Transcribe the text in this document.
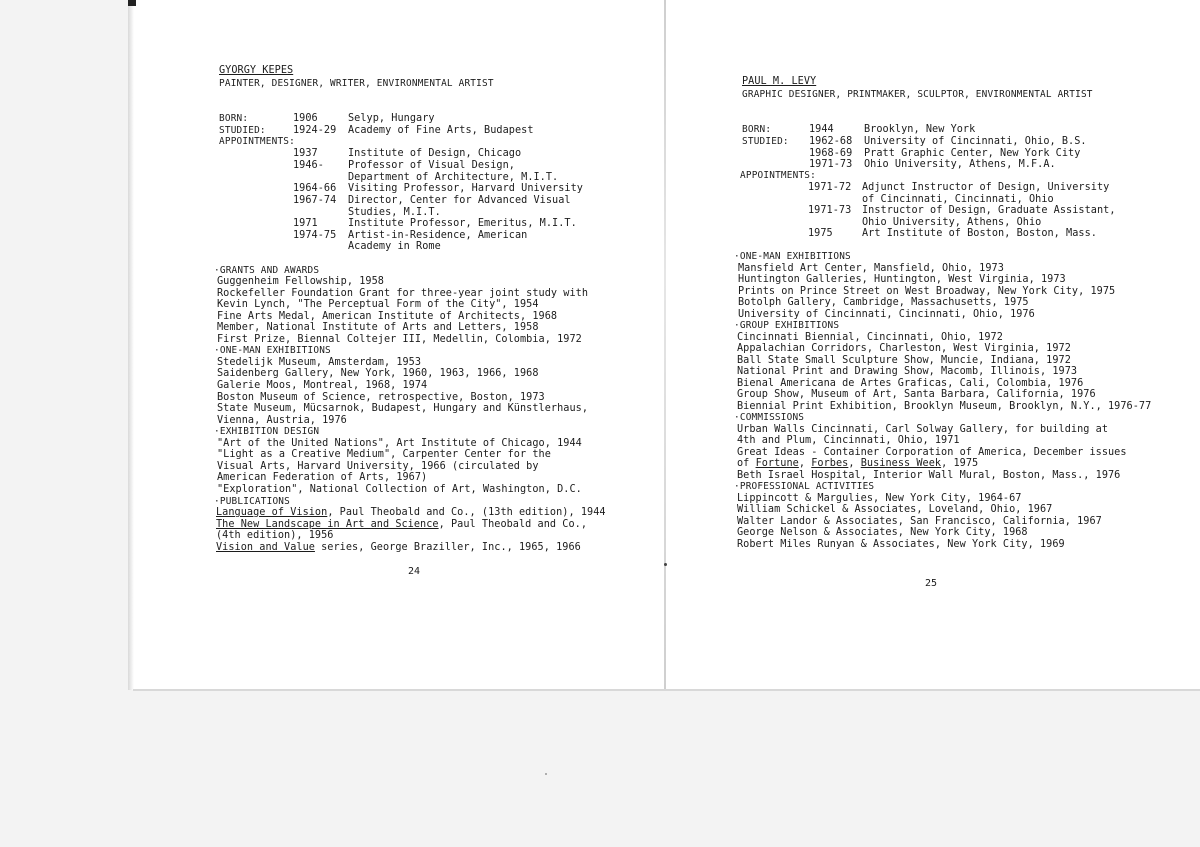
GYORGY KEPES
PAINTER, DESIGNER, WRITER, ENVIRONMENTAL ARTIST
BORN:	1906	Selyp, Hungary
STUDIED:	1924-29 Academy of Fine Arts, Budapest
APPOINTMENTS:
1937	Institute of Design, Chicago
1946- Professor of Visual Design,
Department of Architecture, M.I.T.
1964-66 Visiting Professor, Harvard University
1967-74 Director, Center for Advanced Visual
Studies, M.I.T.
1971	Institute Professor, Emeritus, M.I.T.
1974-75 Artist-in-Residence, American
Academy in Rome
·GRANTS AND AWARDS
Guggenheim Fellowship, 1958
Rockefeller Foundation Grant for three-year joint study with
Kevin Lynch, "The Perceptual Form of the City", 1954
Fine Arts Medal, American Institute of Architects, 1968
Member, National Institute of Arts and Letters, 1958
First Prize, Biennal Coltejer III, Medellin, Colombia, 1972
·ONE-MAN EXHIBITIONS
Stedelijk Museum, Amsterdam, 1953
Saidenberg Gallery, New York, 1960, 1963, 1966, 1968
Galerie Moos, Montreal, 1968, 1974
Boston Museum of Science, retrospective, Boston, 1973
State Museum, Mücsarnok, Budapest, Hungary and Künstlerhaus,
Vienna, Austria, 1976
·EXHIBITION DESIGN
"Art of the United Nations", Art Institute of Chicago, 1944
"Light as a Creative Medium", Carpenter Center for the
Visual Arts, Harvard University, 1966 (circulated by
American Federation of Arts, 1967)
"Exploration", National Collection of Art, Washington, D.C.
·PUBLICATIONS
Language of Vision, Paul Theobald and Co., (13th edition), 1944
The New Landscape in Art and Science, Paul Theobald and Co.,
(4th edition), 1956
Vision and Value series, George Braziller, Inc., 1965, 1966
24
PAUL M. LEVY
GRAPHIC DESIGNER, PRINTMAKER, SCULPTOR, ENVIRONMENTAL ARTIST
BORN:	1944	Brooklyn, New York
STUDIED: 1962-68 University of Cincinnati, Ohio, B.S.
1968-69 Pratt Graphic Center, New York City
1971-73 Ohio University, Athens, M.F.A.
APPOINTMENTS:
1971-72 Adjunct Instructor of Design, University
of Cincinnati, Cincinnati, Ohio
1971-73 Instructor of Design, Graduate Assistant,
Ohio University, Athens, Ohio
1975	Art Institute of Boston, Boston, Mass.
·ONE-MAN EXHIBITIONS
Mansfield Art Center, Mansfield, Ohio, 1973
Huntington Galleries, Huntington, West Virginia, 1973
Prints on Prince Street on West Broadway, New York City, 1975
Botolph Gallery, Cambridge, Massachusetts, 1975
University of Cincinnati, Cincinnati, Ohio, 1976
·GROUP EXHIBITIONS
Cincinnati Biennial, Cincinnati, Ohio, 1972
Appalachian Corridors, Charleston, West Virginia, 1972
Ball State Small Sculpture Show, Muncie, Indiana, 1972
National Print and Drawing Show, Macomb, Illinois, 1973
Bienal Americana de Artes Graficas, Cali, Colombia, 1976
Group Show, Museum of Art, Santa Barbara, California, 1976
Biennial Print Exhibition, Brooklyn Museum, Brooklyn, N.Y., 1976-77
·COMMISSIONS
Urban Walls Cincinnati, Carl Solway Gallery, for building at
4th and Plum, Cincinnati, Ohio, 1971
Great Ideas - Container Corporation of America, December issues
of Fortune, Forbes, Business Week, 1975
Beth Israel Hospital, Interior Wall Mural, Boston, Mass., 1976
·PROFESSIONAL ACTIVITIES
Lippincott & Margulies, New York City, 1964-67
William Schickel & Associates, Loveland, Ohio, 1967
Walter Landor & Associates, San Francisco, California, 1967
George Nelson & Associates, New York City, 1968
Robert Miles Runyan & Associates, New York City, 1969
25
